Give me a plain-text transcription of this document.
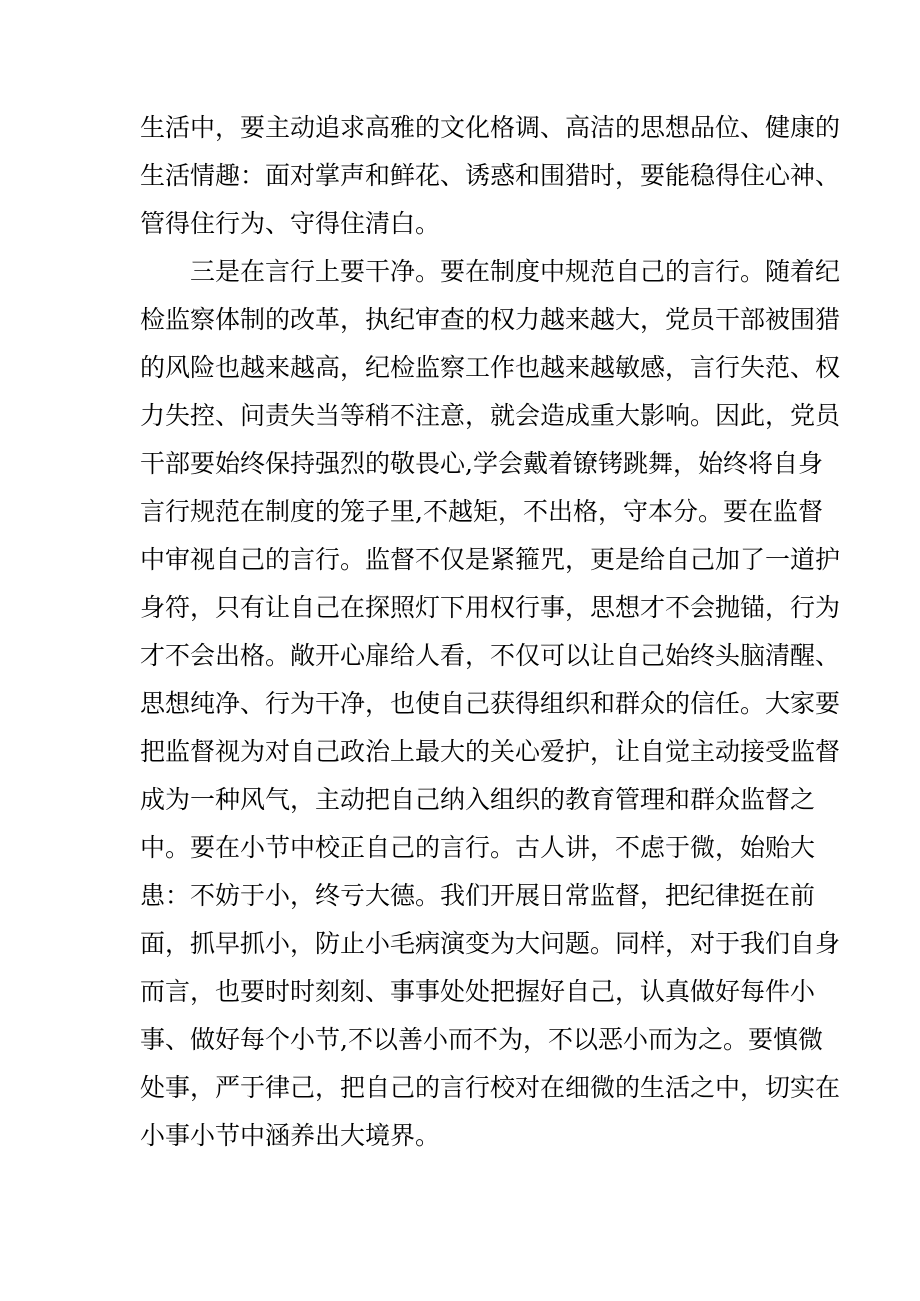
生活中，要主动追求高雅的文化格调、高洁的思想品位、健康的
生活情趣：面对掌声和鲜花、诱惑和围猎时，要能稳得住心神、
管得住行为、守得住清白。
三是在言行上要干净。要在制度中规范自己的言行。随着纪
检监察体制的改革，执纪审查的权力越来越大，党员干部被围猎
的风险也越来越高，纪检监察工作也越来越敏感，言行失范、权
力失控、问责失当等稍不注意，就会造成重大影响。因此，党员
干部要始终保持强烈的敬畏心,学会戴着镣铐跳舞，始终将自身
言行规范在制度的笼子里,不越矩，不出格，守本分。要在监督
中审视自己的言行。监督不仅是紧箍咒，更是给自己加了一道护
身符，只有让自己在探照灯下用权行事，思想才不会抛锚，行为
才不会出格。敞开心扉给人看，不仅可以让自己始终头脑清醒、
思想纯净、行为干净，也使自己获得组织和群众的信任。大家要
把监督视为对自己政治上最大的关心爱护，让自觉主动接受监督
成为一种风气，主动把自己纳入组织的教育管理和群众监督之
中。要在小节中校正自己的言行。古人讲，不虑于微，始贻大
患：不妨于小，终亏大德。我们开展日常监督，把纪律挺在前
面，抓早抓小，防止小毛病演变为大问题。同样，对于我们自身
而言，也要时时刻刻、事事处处把握好自己，认真做好每件小
事、做好每个小节,不以善小而不为，不以恶小而为之。要慎微
处事，严于律己，把自己的言行校对在细微的生活之中，切实在
小事小节中涵养出大境界。
